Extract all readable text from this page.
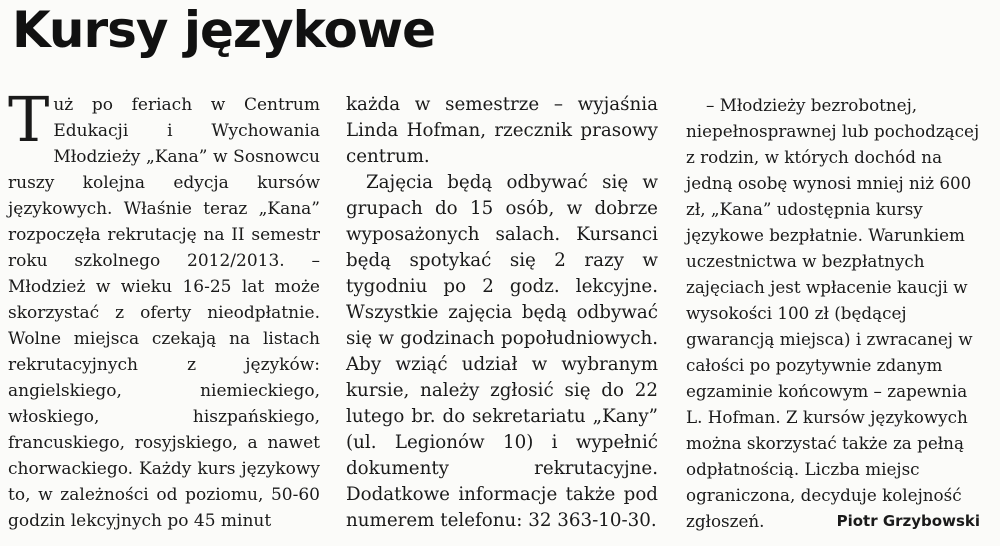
Kursy językowe
T uż po feriach w Centrum Edukacji i Wychowania Młodzieży „Kana” w Sosnowcu ruszy kolejna edycja kursów językowych. Właśnie teraz „Kana” rozpoczęła rekrutację na II semestr roku szkolnego 2012/2013. – Młodzież w wieku 16-25 lat może skorzystać z oferty nieodpłatnie. Wolne miejsca czekają na listach rekrutacyjnych z języków: angielskiego, niemieckiego, włoskiego, hiszpańskiego, francuskiego, rosyjskiego, a nawet chorwackiego. Każdy kurs językowy to, w zależności od poziomu, 50-60 godzin lekcyjnych po 45 minut

każda w semestrze – wyjaśnia Linda Hofman, rzecznik prasowy centrum.

Zajęcia będą odbywać się w grupach do 15 osób, w dobrze wyposażonych salach. Kursanci będą spotykać się 2 razy w tygodniu po 2 godz. lekcyjne. Wszystkie zajęcia będą odbywać się w godzinach popołudniowych. Aby wziąć udział w wybranym kursie, należy zgłosić się do 22 lutego br. do sekretariatu „Kany” (ul. Legionów 10) i wypełnić dokumenty rekrutacyjne. Dodatkowe informacje także pod numerem telefonu: 32 363-10-30.

– Młodzieży bezrobotnej, niepełnosprawnej lub pochodzącej z rodzin, w których dochód na jedną osobę wynosi mniej niż 600 zł, „Kana” udostępnia kursy językowe bezpłatnie. Warunkiem uczestnictwa w bezpłatnych zajęciach jest wpłacenie kaucji w wysokości 100 zł (będącej gwarancją miejsca) i zwracanej w całości po pozytywnie zdanym egzaminie końcowym – zapewnia L. Hofman. Z kursów językowych można skorzystać także za pełną odpłatnością. Liczba miejsc ograniczona, decyduje kolejność zgłoszeń.	Piotr Grzybowski
